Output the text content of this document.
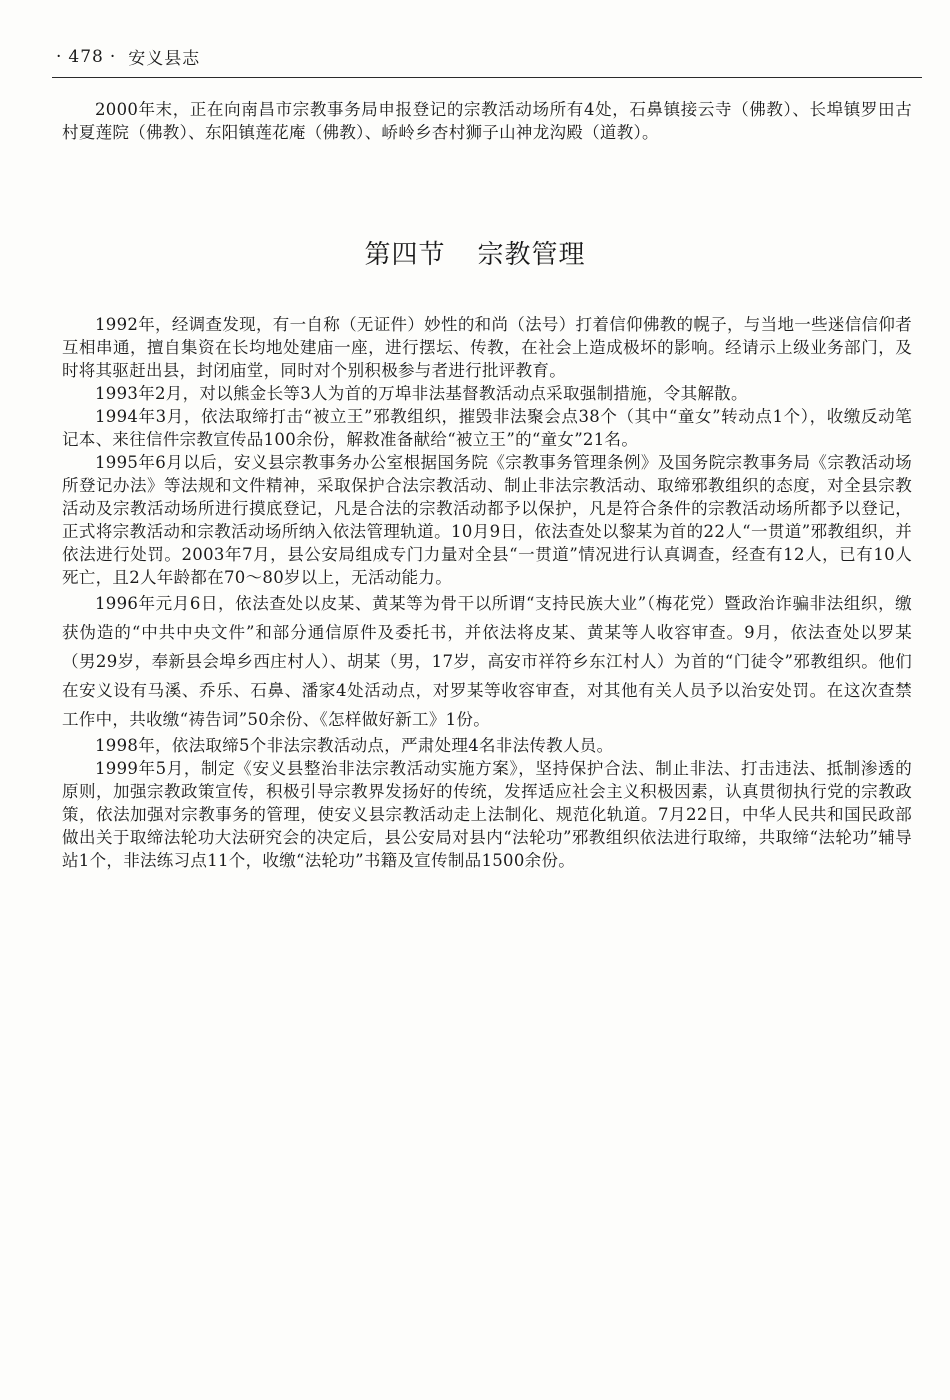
· 478 · 安义县志

2000年末，正在向南昌市宗教事务局申报登记的宗教活动场所有4处，石鼻镇接云寺（佛教）、长埠镇罗田古村夏莲院（佛教）、东阳镇莲花庵（佛教）、峤岭乡杏村狮子山神龙沟殿（道教）。

第四节 宗教管理

1992年，经调查发现，有一自称（无证件）妙性的和尚（法号）打着信仰佛教的幌子，与当地一些迷信信仰者互相串通，擅自集资在长均地处建庙一座，进行摆坛、传教，在社会上造成极坏的影响。经请示上级业务部门，及时将其驱赶出县，封闭庙堂，同时对个别积极参与者进行批评教育。

1993年2月，对以熊金长等3人为首的万埠非法基督教活动点采取强制措施，令其解散。

1994年3月，依法取缔打击“被立王”邪教组织，摧毁非法聚会点38个（其中“童女”转动点1个），收缴反动笔记本、来往信件宗教宣传品100余份，解救准备献给“被立王”的“童女”21名。

1995年6月以后，安义县宗教事务办公室根据国务院《宗教事务管理条例》及国务院宗教事务局《宗教活动场所登记办法》等法规和文件精神，采取保护合法宗教活动、制止非法宗教活动、取缔邪教组织的态度，对全县宗教活动及宗教活动场所进行摸底登记，凡是合法的宗教活动都予以保护，凡是符合条件的宗教活动场所都予以登记，正式将宗教活动和宗教活动场所纳入依法管理轨道。10月9日，依法查处以黎某为首的22人“一贯道”邪教组织，并依法进行处罚。2003年7月，县公安局组成专门力量对全县“一贯道”情况进行认真调查，经查有12人，已有10人死亡，且2人年龄都在70～80岁以上，无活动能力。

1996年元月6日，依法查处以皮某、黄某等为骨干以所谓“支持民族大业”（梅花党）暨政治诈骗非法组织，缴获伪造的“中共中央文件”和部分通信原件及委托书，并依法将皮某、黄某等人收容审查。9月，依法查处以罗某（男29岁，奉新县会埠乡西庄村人）、胡某（男，17岁，高安市祥符乡东江村人）为首的“门徒令”邪教组织。他们在安义设有马溪、乔乐、石鼻、潘家4处活动点，对罗某等收容审查，对其他有关人员予以治安处罚。在这次查禁工作中，共收缴“祷告词”50余份、《怎样做好新工》1份。

1998年，依法取缔5个非法宗教活动点，严肃处理4名非法传教人员。

1999年5月，制定《安义县整治非法宗教活动实施方案》，坚持保护合法、制止非法、打击违法、抵制渗透的原则，加强宗教政策宣传，积极引导宗教界发扬好的传统，发挥适应社会主义积极因素，认真贯彻执行党的宗教政策，依法加强对宗教事务的管理，使安义县宗教活动走上法制化、规范化轨道。7月22日，中华人民共和国民政部做出关于取缔法轮功大法研究会的决定后，县公安局对县内“法轮功”邪教组织依法进行取缔，共取缔“法轮功”辅导站1个，非法练习点11个，收缴“法轮功”书籍及宣传制品1500余份。
